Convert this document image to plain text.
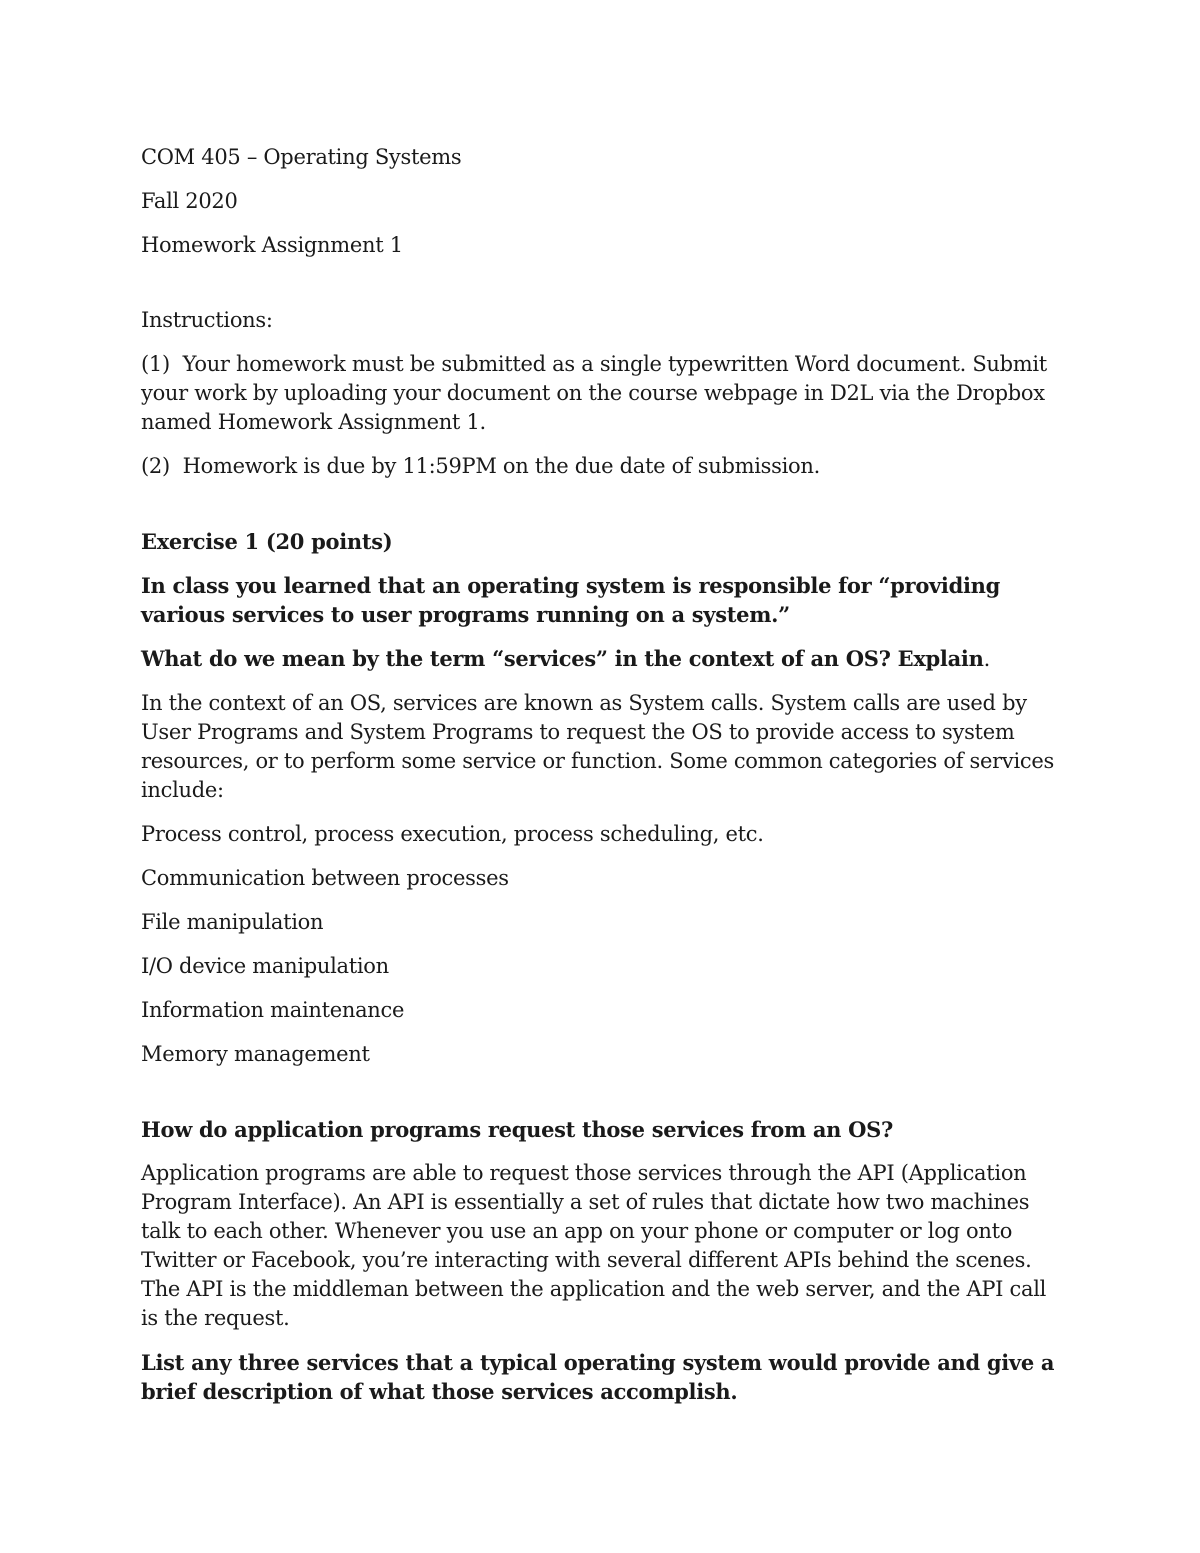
COM 405 – Operating Systems

Fall 2020

Homework Assignment 1

Instructions:

(1) Your homework must be submitted as a single typewritten Word document. Submit your work by uploading your document on the course webpage in D2L via the Dropbox named Homework Assignment 1.

(2) Homework is due by 11:59PM on the due date of submission.

Exercise 1 (20 points)

In class you learned that an operating system is responsible for “providing various services to user programs running on a system.”

What do we mean by the term “services” in the context of an OS? Explain.

In the context of an OS, services are known as System calls. System calls are used by User Programs and System Programs to request the OS to provide access to system resources, or to perform some service or function. Some common categories of services include:

Process control, process execution, process scheduling, etc.

Communication between processes

File manipulation

I/O device manipulation

Information maintenance

Memory management

How do application programs request those services from an OS?

Application programs are able to request those services through the API (Application Program Interface). An API is essentially a set of rules that dictate how two machines talk to each other. Whenever you use an app on your phone or computer or log onto Twitter or Facebook, you’re interacting with several different APIs behind the scenes. The API is the middleman between the application and the web server, and the API call is the request.

List any three services that a typical operating system would provide and give a brief description of what those services accomplish.
